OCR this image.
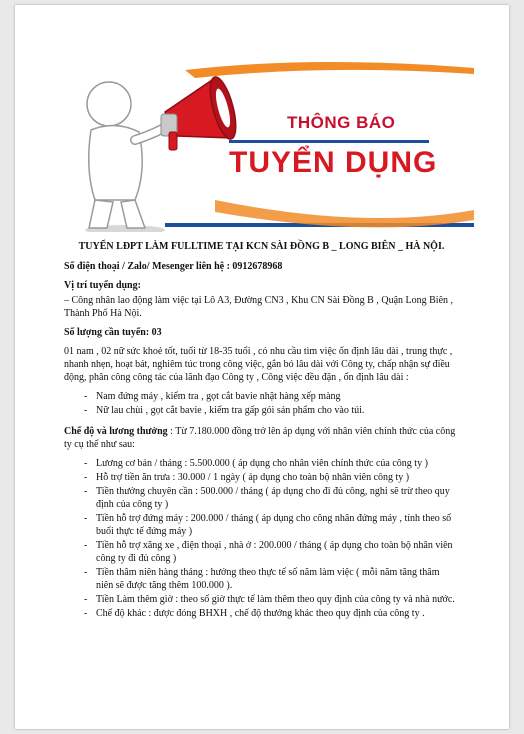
THÔNG BÁO
TUYỂN DỤNG

TUYỂN LĐPT LÀM FULLTIME TẠI KCN SÀI ĐỒNG B _ LONG BIÊN _ HÀ NỘI.

Số điện thoại / Zalo/ Mesenger liên hệ : 0912678968

Vị trí tuyển dụng:

– Công nhân lao động làm việc tại Lô A3, Đường CN3 , Khu CN Sài Đồng B , Quận Long Biên , Thành Phố Hà Nội.

Số lượng cần tuyển: 03

01 nam , 02 nữ sức khoẻ tốt, tuổi từ 18-35 tuổi , có nhu cầu tìm việc ổn định lâu dài , trung thực , nhanh nhẹn, hoạt bát, nghiêm túc trong công việc, gắn bó lâu dài với Công ty, chấp nhận sự điều động, phân công công tác của lãnh đạo Công ty , Công việc đều đặn , ổn định lâu dài :

- Nam đứng máy , kiểm tra , gọt cắt bavie nhặt hàng xếp màng
- Nữ lau chùi , gọt cắt bavie , kiểm tra gấp gói sản phẩm cho vào túi.

Chế độ và lương thưởng : Từ 7.180.000 đồng trở lên áp dụng với nhân viên chính thức của công ty cụ thể như sau:

- Lương cơ bản / tháng : 5.500.000 ( áp dụng cho nhân viên chính thức của công ty )
- Hỗ trợ tiền ăn trưa : 30.000 / 1 ngày ( áp dụng cho toàn bộ nhân viên công ty )
- Tiền thưởng chuyên cần : 500.000 / tháng ( áp dụng cho đi đủ công, nghỉ sẽ trừ theo quy định của công ty )
- Tiền hỗ trợ đứng máy : 200.000 / tháng ( áp dụng cho công nhân đứng máy , tính theo số buổi thực tế đứng máy )
- Tiền hỗ trợ xăng xe , điện thoại , nhà ở : 200.000 / tháng ( áp dụng cho toàn bộ nhân viên công ty đi đủ công )
- Tiền thâm niên hàng tháng : hưởng theo thực tế số năm làm việc ( mỗi năm tăng thâm niên sẽ được tăng thêm 100.000 ).
- Tiền Làm thêm giờ : theo số giờ thực tế làm thêm theo quy định của công ty và nhà nước.
- Chế độ khác : được đóng BHXH , chế độ thưởng khác theo quy định của công ty .
